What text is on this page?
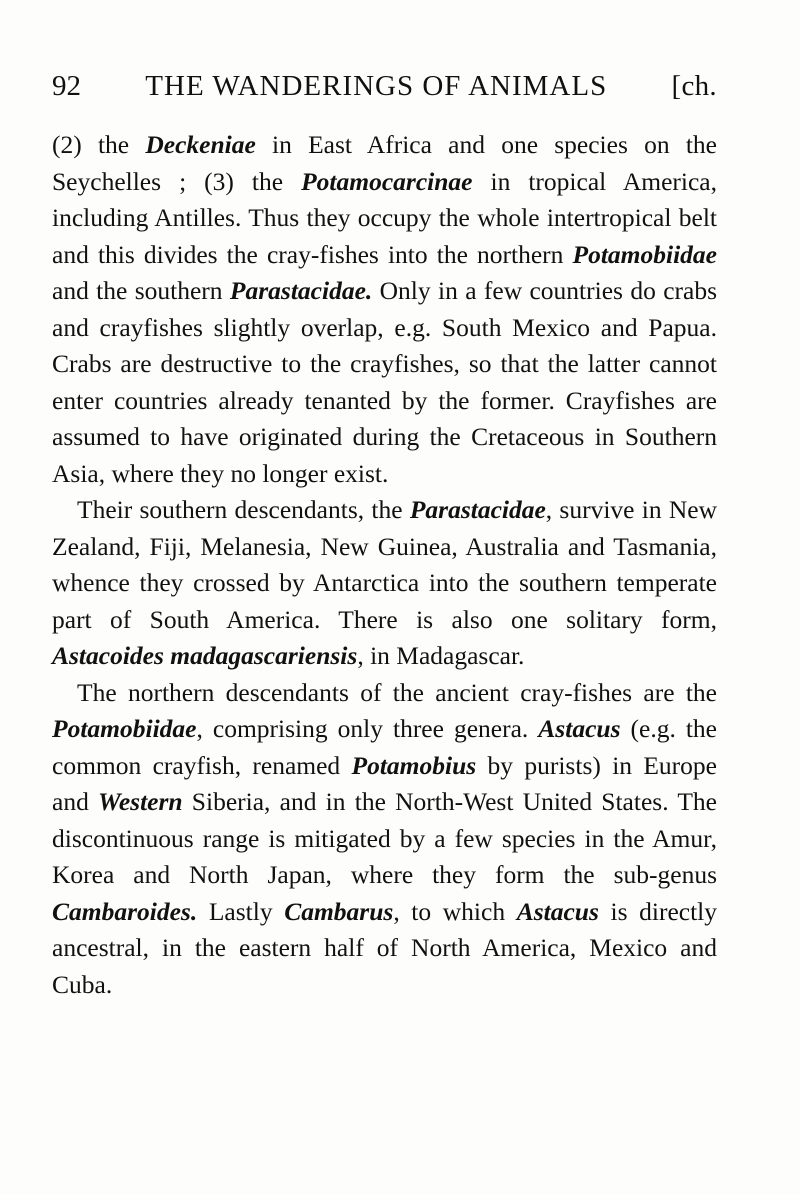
92 THE WANDERINGS OF ANIMALS [ch.

(2) the Deckeniae in East Africa and one species on the Seychelles ; (3) the Potamocarcinae in tropical America, including Antilles. Thus they occupy the whole intertropical belt and this divides the cray-fishes into the northern Potamobiidae and the southern Parastacidae. Only in a few countries do crabs and crayfishes slightly overlap, e.g. South Mexico and Papua. Crabs are destructive to the crayfishes, so that the latter cannot enter countries already tenanted by the former. Crayfishes are assumed to have originated during the Cretaceous in Southern Asia, where they no longer exist.

Their southern descendants, the Parastacidae, survive in New Zealand, Fiji, Melanesia, New Guinea, Australia and Tasmania, whence they crossed by Antarctica into the southern temperate part of South America. There is also one solitary form, Astacoides madagascariensis, in Madagascar.

The northern descendants of the ancient cray-fishes are the Potamobiidae, comprising only three genera. Astacus (e.g. the common crayfish, renamed Potamobius by purists) in Europe and Western Siberia, and in the North-West United States. The discontinuous range is mitigated by a few species in the Amur, Korea and North Japan, where they form the sub-genus Cambaroides. Lastly Cambarus, to which Astacus is directly ancestral, in the eastern half of North America, Mexico and Cuba.
